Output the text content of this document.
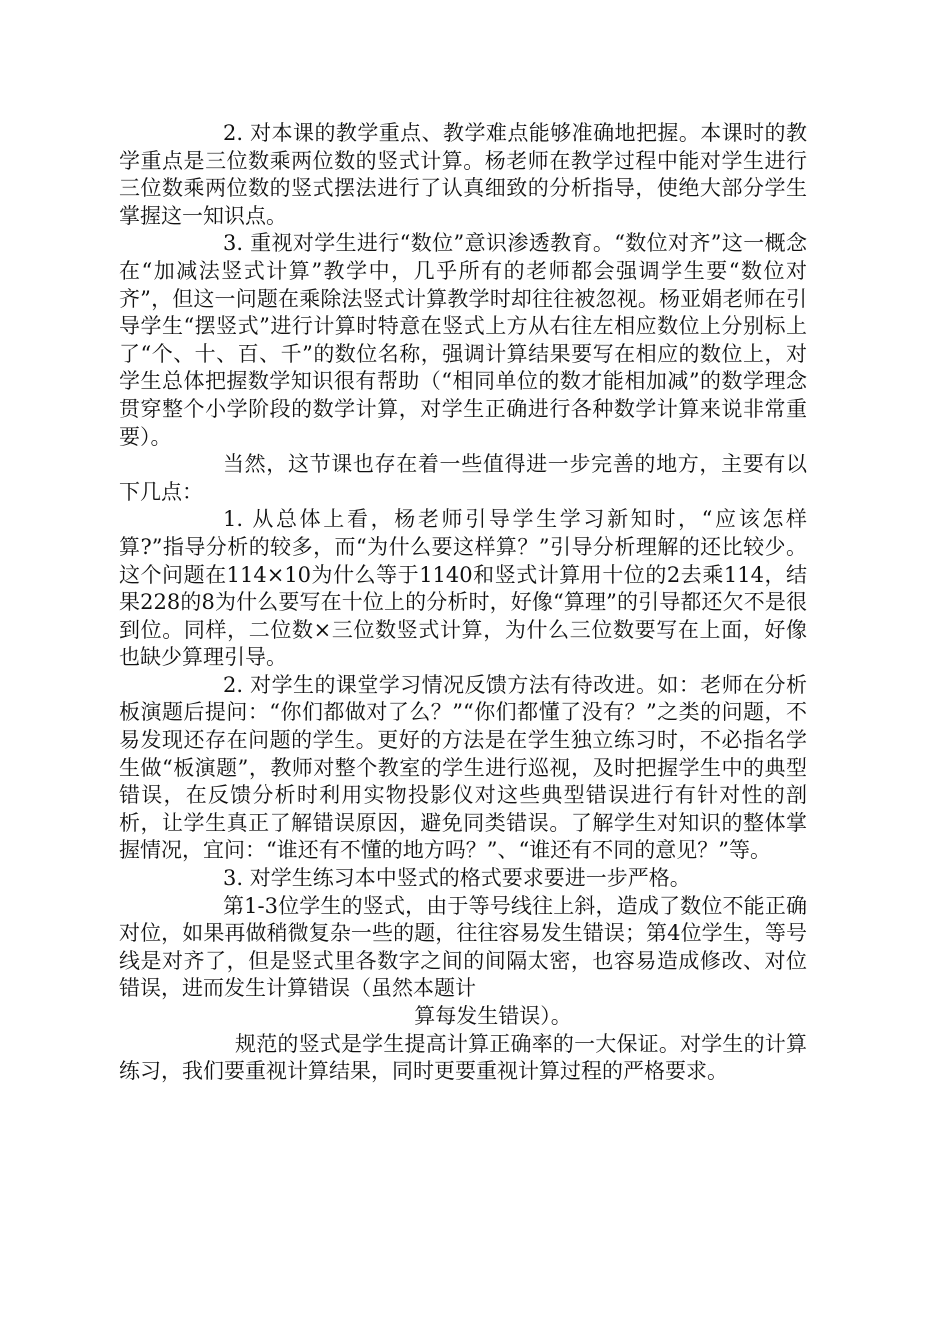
2. 对本课的教学重点、教学难点能够准确地把握。本课时的教学重点是三位数乘两位数的竖式计算。杨老师在教学过程中能对学生进行三位数乘两位数的竖式摆法进行了认真细致的分析指导，使绝大部分学生掌握这一知识点。

3. 重视对学生进行“数位”意识渗透教育。“数位对齐”这一概念在“加减法竖式计算”教学中，几乎所有的老师都会强调学生要“数位对齐”，但这一问题在乘除法竖式计算教学时却往往被忽视。杨亚娟老师在引导学生“摆竖式”进行计算时特意在竖式上方从右往左相应数位上分别标上了“个、十、百、千”的数位名称，强调计算结果要写在相应的数位上，对学生总体把握数学知识很有帮助（“相同单位的数才能相加减”的数学理念贯穿整个小学阶段的数学计算，对学生正确进行各种数学计算来说非常重要）。

当然，这节课也存在着一些值得进一步完善的地方，主要有以下几点：

1. 从总体上看，杨老师引导学生学习新知时，“应该怎样算?”指导分析的较多，而“为什么要这样算？”引导分析理解的还比较少。这个问题在114×10为什么等于1140和竖式计算用十位的2去乘114，结果228的8为什么要写在十位上的分析时，好像“算理”的引导都还欠不是很到位。同样，二位数×三位数竖式计算，为什么三位数要写在上面，好像也缺少算理引导。

2. 对学生的课堂学习情况反馈方法有待改进。如：老师在分析板演题后提问：“你们都做对了么？”“你们都懂了没有？”之类的问题，不易发现还存在问题的学生。更好的方法是在学生独立练习时，不必指名学生做“板演题”，教师对整个教室的学生进行巡视，及时把握学生中的典型错误，在反馈分析时利用实物投影仪对这些典型错误进行有针对性的剖析，让学生真正了解错误原因，避免同类错误。了解学生对知识的整体掌握情况，宜问：“谁还有不懂的地方吗？”、“谁还有不同的意见？”等。

3. 对学生练习本中竖式的格式要求要进一步严格。

第1-3位学生的竖式，由于等号线往上斜，造成了数位不能正确对位，如果再做稍微复杂一些的题，往往容易发生错误；第4位学生，等号线是对齐了，但是竖式里各数字之间的间隔太密，也容易造成修改、对位错误，进而发生计算错误（虽然本题计

算每发生错误）。

规范的竖式是学生提高计算正确率的一大保证。对学生的计算练习，我们要重视计算结果，同时更要重视计算过程的严格要求。
